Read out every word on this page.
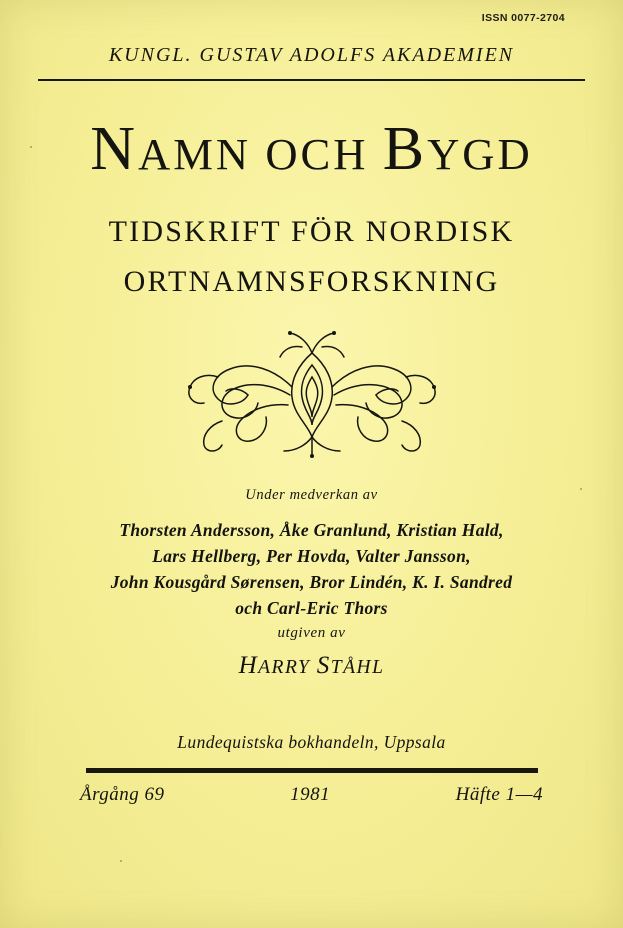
ISSN 0077-2704
KUNGL. GUSTAV ADOLFS AKADEMIEN
NAMN OCH BYGD
TIDSKRIFT FÖR NORDISK
ORTNAMNSFORSKNING
Under medverkan av
Thorsten Andersson, Åke Granlund, Kristian Hald,
Lars Hellberg, Per Hovda, Valter Jansson,
John Kousgård Sørensen, Bror Lindén, K. I. Sandred
och Carl-Eric Thors
utgiven av
HARRY STÅHL
Lundequistska bokhandeln, Uppsala
Årgång 69	1981	Häfte 1—4
